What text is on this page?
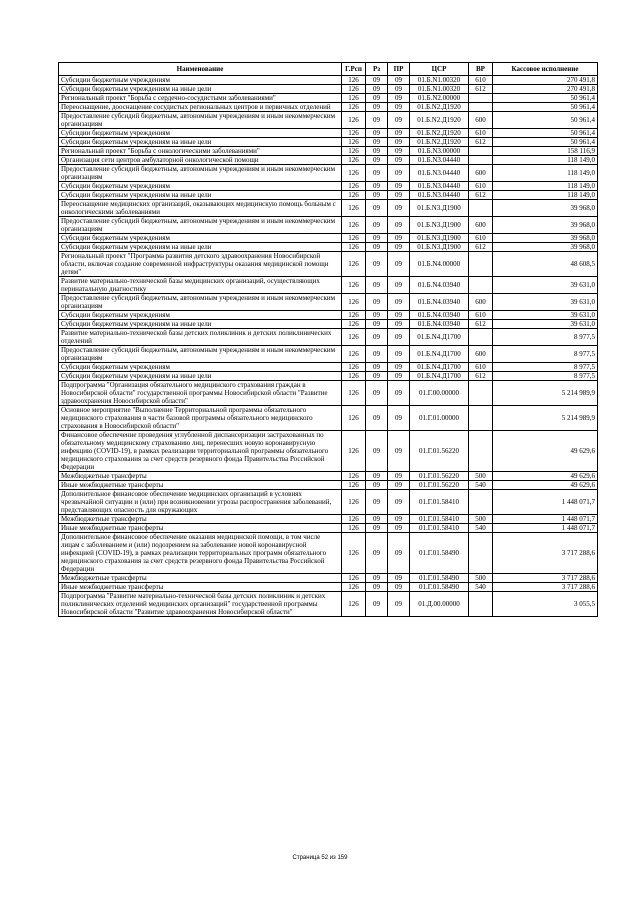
Наименование	Г.Рсп	Рз	ПР	ЦСР	ВР	Кассовое исполнение
Субсидии бюджетным учреждениям	126	09	09	01.Б.N1.00320	610	270 491,8
Субсидии бюджетным учреждениям на иные цели	126	09	09	01.Б.N1.00320	612	270 491,8
Региональный проект "Борьба с сердечно-сосудистыми заболеваниями"	126	09	09	01.Б.N2.00000		50 961,4
Переоснащение, дооснащение сосудистых региональных центров и первичных отделений	126	09	09	01.Б.N2.Д1920		50 961,4
Предоставление субсидий бюджетным, автономным учреждениям и иным некоммерческим организациям	126	09	09	01.Б.N2.Д1920	600	50 961,4
Субсидии бюджетным учреждениям	126	09	09	01.Б.N2.Д1920	610	50 961,4
Субсидии бюджетным учреждениям на иные цели	126	09	09	01.Б.N2.Д1920	612	50 961,4
Региональный проект "Борьба с онкологическими заболеваниями"	126	09	09	01.Б.N3.00000		158 116,9
Организация сети центров амбулаторной онкологической помощи	126	09	09	01.Б.N3.04440		118 149,0
Предоставление субсидий бюджетным, автономным учреждениям и иным некоммерческим организациям	126	09	09	01.Б.N3.04440	600	118 149,0
Субсидии бюджетным учреждениям	126	09	09	01.Б.N3.04440	610	118 149,0
Субсидии бюджетным учреждениям на иные цели	126	09	09	01.Б.N3.04440	612	118 149,0
Переоснащение медицинских организаций, оказывающих медицинскую помощь больным с онкологическими заболеваниями	126	09	09	01.Б.N3.Д1900		39 968,0
Предоставление субсидий бюджетным, автономным учреждениям и иным некоммерческим организациям	126	09	09	01.Б.N3.Д1900	600	39 968,0
Субсидии бюджетным учреждениям	126	09	09	01.Б.N3.Д1900	610	39 968,0
Субсидии бюджетным учреждениям на иные цели	126	09	09	01.Б.N3.Д1900	612	39 968,0
Региональный проект "Программа развития детского здравоохранения Новосибирской области, включая создание современной инфраструктуры оказания медицинской помощи детям"	126	09	09	01.Б.N4.00000		48 608,5
Развитие материально-технической базы медицинских организаций, осуществляющих перинатальную диагностику	126	09	09	01.Б.N4.03940		39 631,0
Предоставление субсидий бюджетным, автономным учреждениям и иным некоммерческим организациям	126	09	09	01.Б.N4.03940	600	39 631,0
Субсидии бюджетным учреждениям	126	09	09	01.Б.N4.03940	610	39 631,0
Субсидии бюджетным учреждениям на иные цели	126	09	09	01.Б.N4.03940	612	39 631,0
Развитие материально-технической базы детских поликлиник и детских поликлинических отделений	126	09	09	01.Б.N4.Д1700		8 977,5
Предоставление субсидий бюджетным, автономным учреждениям и иным некоммерческим организациям	126	09	09	01.Б.N4.Д1700	600	8 977,5
Субсидии бюджетным учреждениям	126	09	09	01.Б.N4.Д1700	610	8 977,5
Субсидии бюджетным учреждениям на иные цели	126	09	09	01.Б.N4.Д1700	612	8 977,5
Подпрограмма "Организация обязательного медицинского страхования граждан в Новосибирской области" государственной программы Новосибирской области "Развитие здравоохранения Новосибирской области"	126	09	09	01.Г.00.00000		5 214 989,9
Основное мероприятие "Выполнение Территориальной программы обязательного медицинского страхования в части базовой программы обязательного медицинского страхования в Новосибирской области"	126	09	09	01.Г.01.00000		5 214 989,9
Финансовое обеспечение проведения углубленной диспансеризации застрахованных по обязательному медицинскому страхованию лиц, перенесших новую коронавирусную инфекцию (COVID-19), в рамках реализации территориальной программы обязательного медицинского страхования за счет средств резервного фонда Правительства Российской Федерации	126	09	09	01.Г.01.56220		49 629,6
Межбюджетные трансферты	126	09	09	01.Г.01.56220	500	49 629,6
Иные межбюджетные трансферты	126	09	09	01.Г.01.56220	540	49 629,6
Дополнительное финансовое обеспечение медицинских организаций в условиях чрезвычайной ситуации и (или) при возникновении угрозы распространения заболеваний, представляющих опасность для окружающих	126	09	09	01.Г.01.58410		1 448 071,7
Межбюджетные трансферты	126	09	09	01.Г.01.58410	500	1 448 071,7
Иные межбюджетные трансферты	126	09	09	01.Г.01.58410	540	1 448 071,7
Дополнительное финансовое обеспечение оказания медицинской помощи, в том числе лицам с заболеванием и (или) подозрением на заболевание новой коронавирусной инфекцией (COVID-19), в рамках реализации территориальных программ обязательного медицинского страхования за счет средств резервного фонда Правительства Российской Федерации	126	09	09	01.Г.01.58490		3 717 288,6
Межбюджетные трансферты	126	09	09	01.Г.01.58490	500	3 717 288,6
Иные межбюджетные трансферты	126	09	09	01.Г.01.58490	540	3 717 288,6
Подпрограмма "Развитие материально-технической базы детских поликлиник и детских поликлинических отделений медицинских организаций" государственной программы Новосибирской области "Развитие здравоохранения Новосибирской области"	126	09	09	01.Д.00.00000		3 055,5
Страница 52 из 159
